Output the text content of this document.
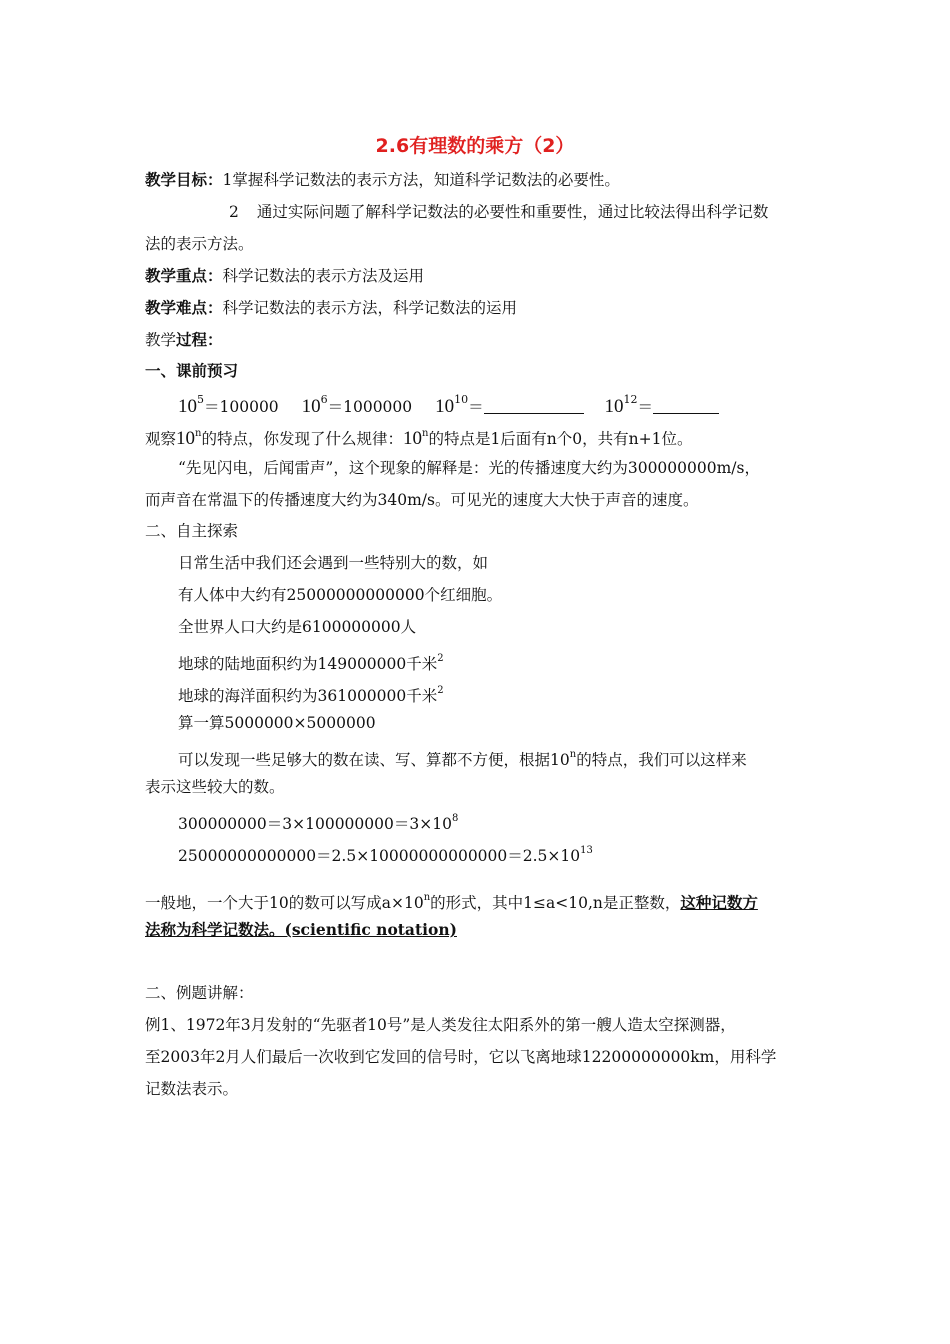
2.6有理数的乘方（2）
教学目标：1掌握科学记数法的表示方法，知道科学记数法的必要性。
2 通过实际问题了解科学记数法的必要性和重要性，通过比较法得出科学记数
法的表示方法。
教学重点：科学记数法的表示方法及运用
教学难点：科学记数法的表示方法，科学记数法的运用
教学过程：
一、课前预习
$10^5=100000$ $10^6=1000000$ $10^{10}=$	$10^{12}=$
观察10$^n$的特点，你发现了什么规律：10$^n$的特点是1后面有n个0，共有n+1位。
“先见闪电，后闻雷声”，这个现象的解释是：光的传播速度大约为300000000m/s，
而声音在常温下的传播速度大约为340m/s。可见光的速度大大快于声音的速度。
二、自主探索
日常生活中我们还会遇到一些特别大的数，如
有人体中大约有25000000000000个红细胞。
全世界人口大约是6100000000人
地球的陆地面积约为149000000千米$^2$
地球的海洋面积约为361000000千米$^2$
算一算5000000×5000000
可以发现一些足够大的数在读、写、算都不方便，根据10$^n$的特点，我们可以这样来
表示这些较大的数。
$300000000=3\times 100000000=3\times 10^8$
$25000000000000=2.5\times 10000000000000=2.5\times 10^{13}$
一般地，一个大于10的数可以写成$a\times 10^n$的形式，其中1≤a<10,n是正整数，这种记数方
法称为科学记数法。(scientific notation)
二、例题讲解：
例1、1972年3月发射的“先驱者10号”是人类发往太阳系外的第一艘人造太空探测器，
至2003年2月人们最后一次收到它发回的信号时，它以飞离地球12200000000km，用科学
记数法表示。
